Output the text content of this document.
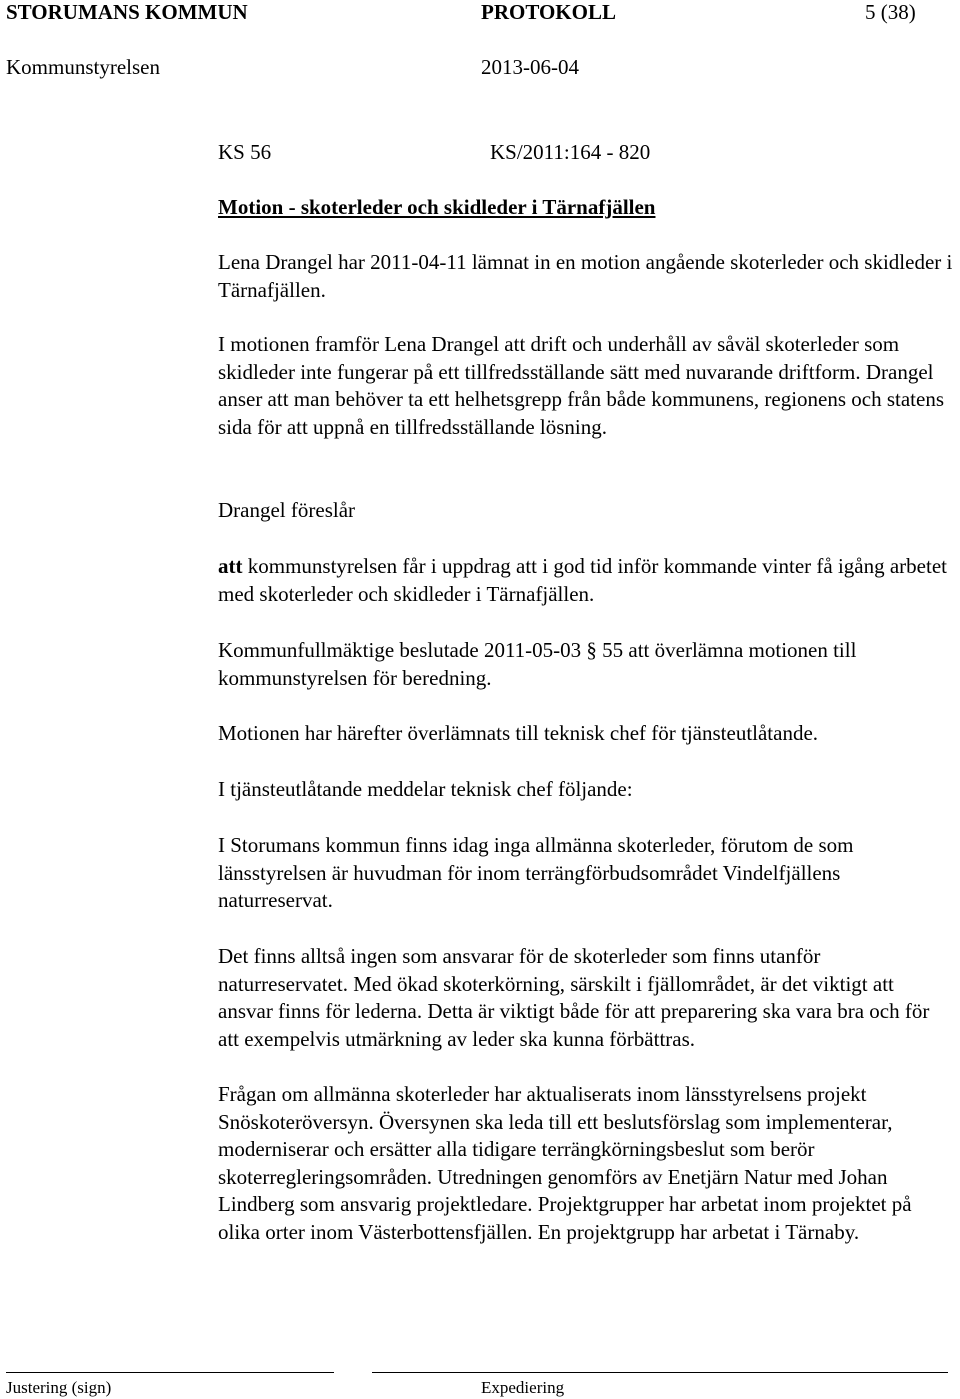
STORUMANS KOMMUN	PROTOKOLL	5 (38)
Kommunstyrelsen	2013-06-04
KS 56	KS/2011:164 - 820
Motion - skoterleder och skidleder i Tärnafjällen

Lena Drangel har 2011-04-11 lämnat in en motion angående skoterleder och skidleder i Tärnafjällen.

I motionen framför Lena Drangel att drift och underhåll av såväl skoterleder som skidleder inte fungerar på ett tillfredsställande sätt med nuvarande driftform. Drangel anser att man behöver ta ett helhetsgrepp från både kommunens, regionens och statens sida för att uppnå en tillfredsställande lösning.

Drangel föreslår

att kommunstyrelsen får i uppdrag att i god tid inför kommande vinter få igång arbetet med skoterleder och skidleder i Tärnafjällen.

Kommunfullmäktige beslutade 2011-05-03 § 55 att överlämna motionen till kommunstyrelsen för beredning.

Motionen har härefter överlämnats till teknisk chef för tjänsteutlåtande.

I tjänsteutlåtande meddelar teknisk chef följande:

I Storumans kommun finns idag inga allmänna skoterleder, förutom de som länsstyrelsen är huvudman för inom terrängförbudsområdet Vindelfjällens naturreservat.

Det finns alltså ingen som ansvarar för de skoterleder som finns utanför naturreservatet. Med ökad skoterkörning, särskilt i fjällområdet, är det viktigt att ansvar finns för lederna. Detta är viktigt både för att preparering ska vara bra och för att exempelvis utmärkning av leder ska kunna förbättras.

Frågan om allmänna skoterleder har aktualiserats inom länsstyrelsens projekt Snöskoteröversyn. Översynen ska leda till ett beslutsförslag som implementerar, moderniserar och ersätter alla tidigare terrängkörningsbeslut som berör skoterregleringsområden. Utredningen genomförs av Enetjärn Natur med Johan Lindberg som ansvarig projektledare. Projektgrupper har arbetat inom projektet på olika orter inom Västerbottensfjällen. En projektgrupp har arbetat i Tärnaby.

Justering (sign)	Expediering
